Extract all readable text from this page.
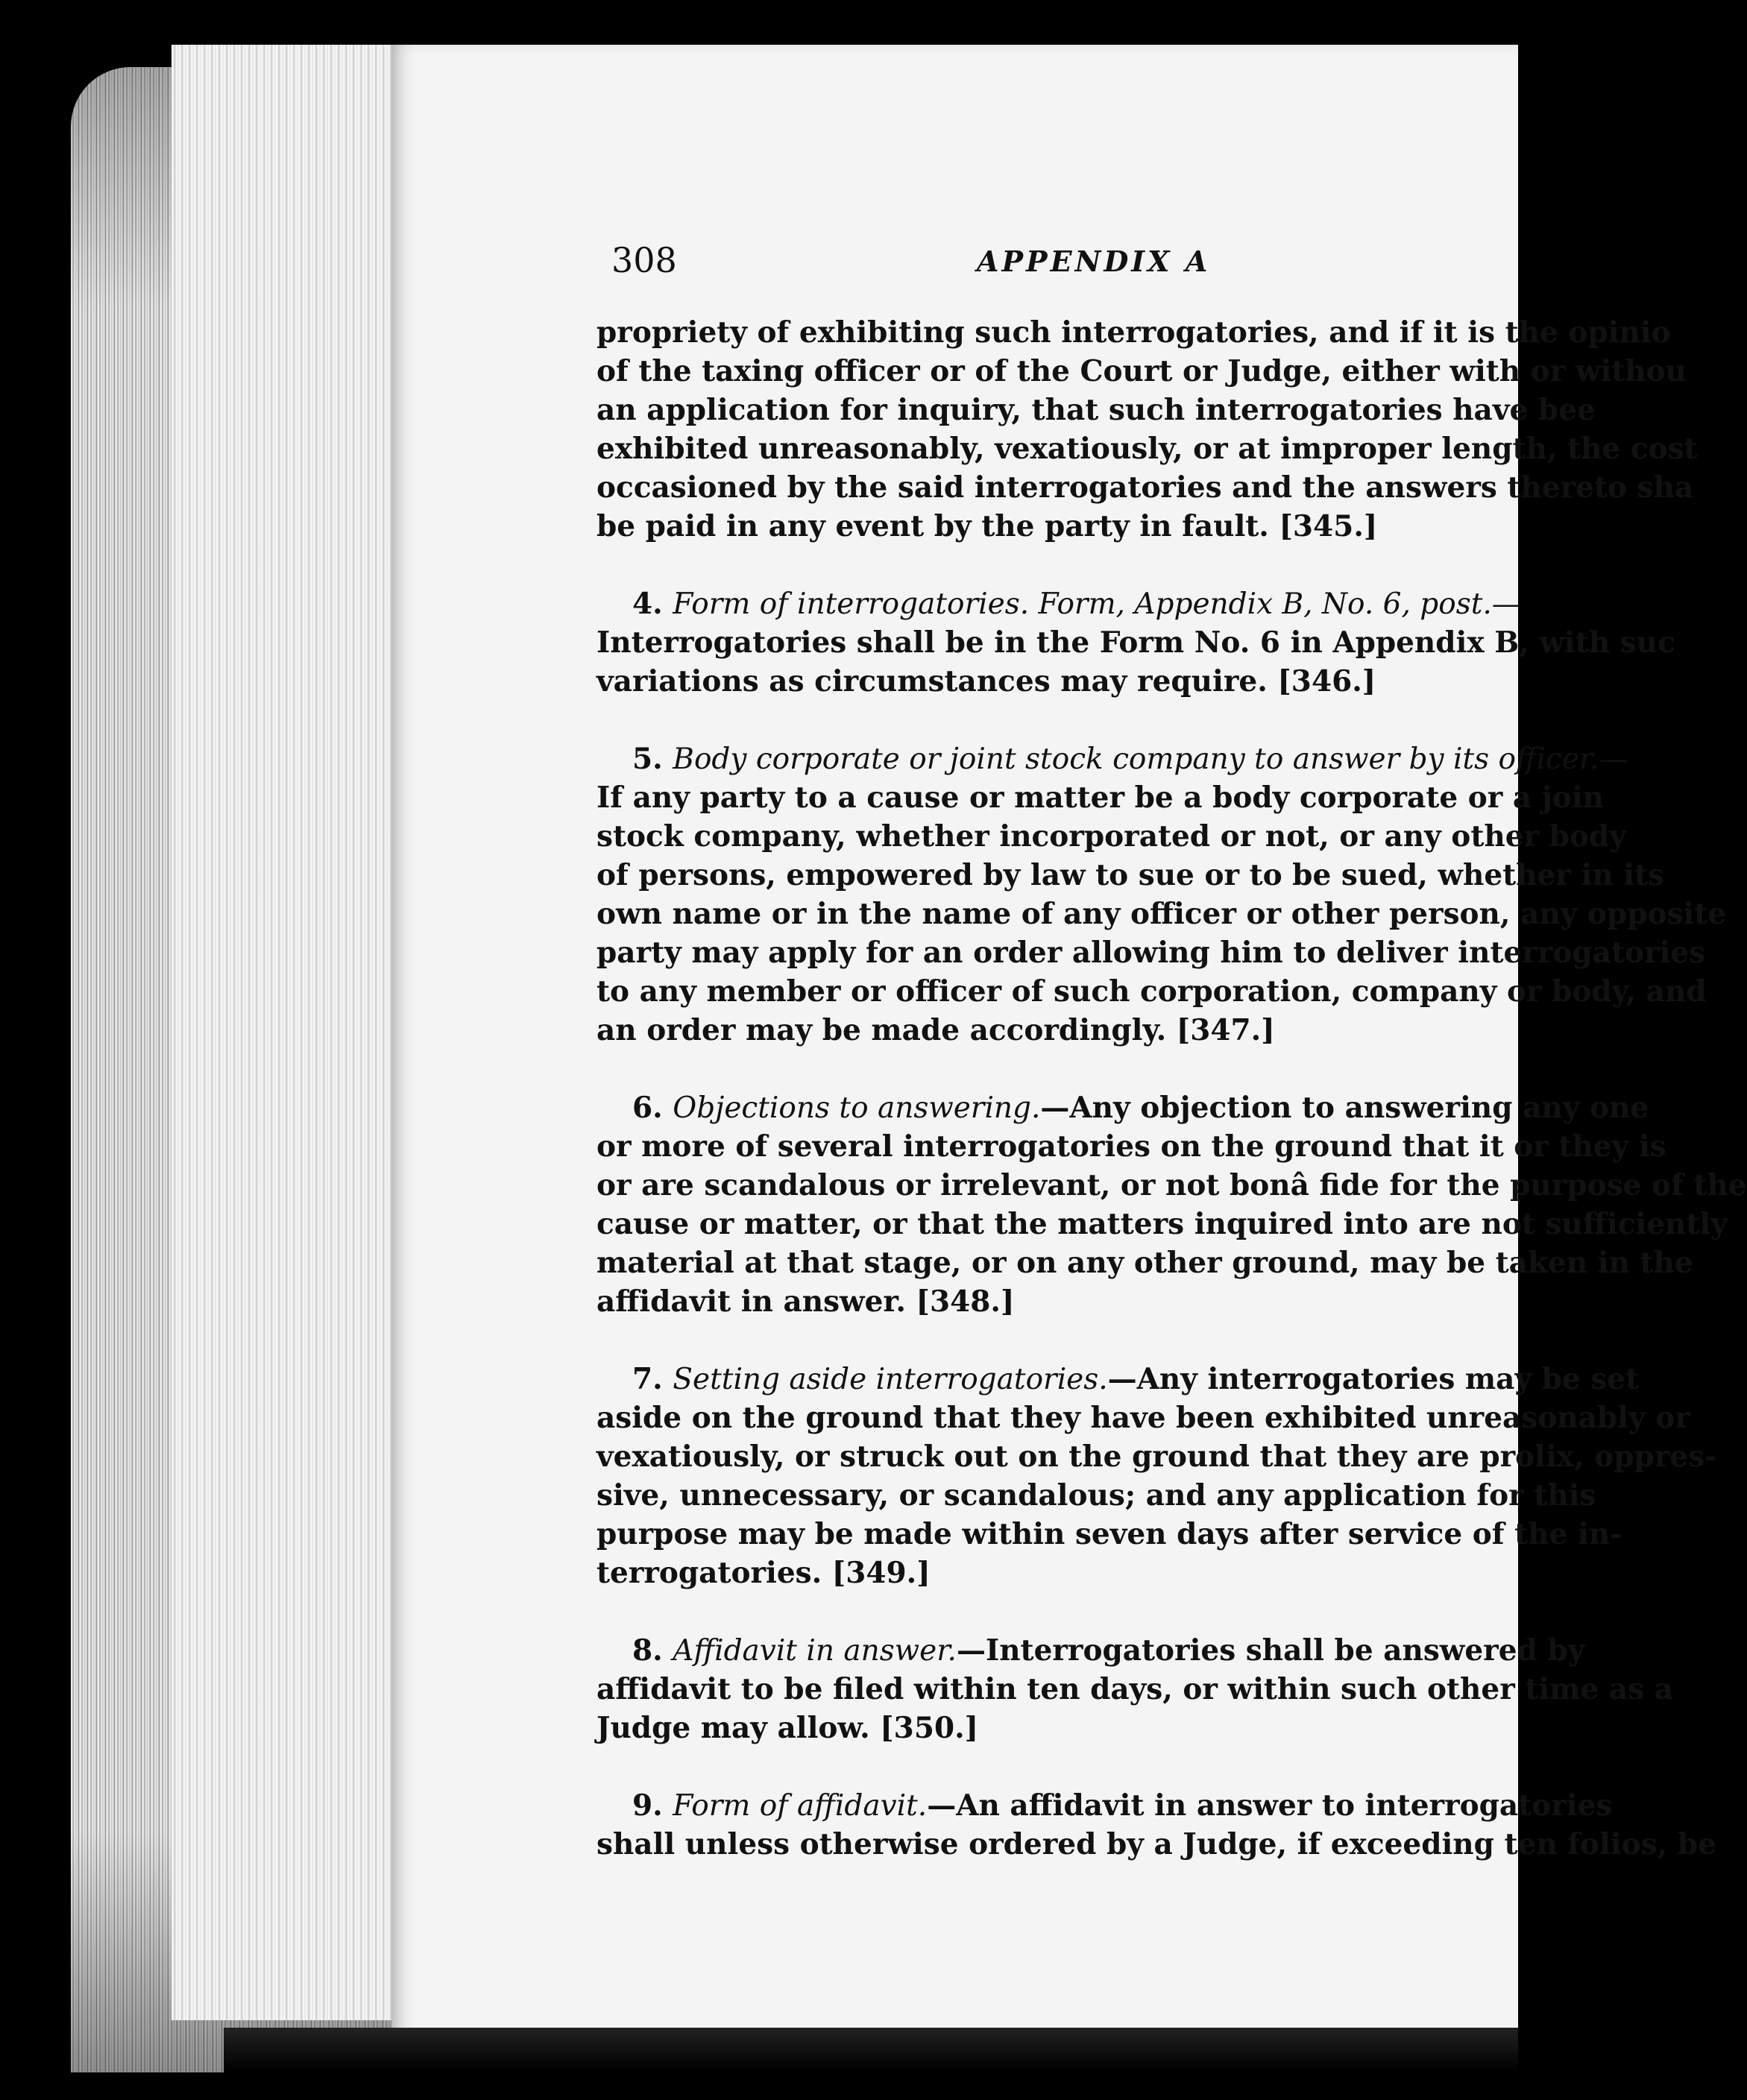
308	APPENDIX A
propriety of exhibiting such interrogatories, and if it is the opinio
of the taxing officer or of the Court or Judge, either with or withou
an application for inquiry, that such interrogatories have bee
exhibited unreasonably, vexatiously, or at improper length, the cost
occasioned by the said interrogatories and the answers thereto sha
be paid in any event by the party in fault. [345.]
4. Form of interrogatories. Form, Appendix B, No. 6, post.—
Interrogatories shall be in the Form No. 6 in Appendix B, with suc
variations as circumstances may require. [346.]
5. Body corporate or joint stock company to answer by its officer.—
If any party to a cause or matter be a body corporate or a join
stock company, whether incorporated or not, or any other body
of persons, empowered by law to sue or to be sued, whether in its
own name or in the name of any officer or other person, any opposite
party may apply for an order allowing him to deliver interrogatories
to any member or officer of such corporation, company or body, and
an order may be made accordingly. [347.]
6. Objections to answering.—Any objection to answering any one
or more of several interrogatories on the ground that it or they is
or are scandalous or irrelevant, or not bonâ fide for the purpose of the
cause or matter, or that the matters inquired into are not sufficiently
material at that stage, or on any other ground, may be taken in the
affidavit in answer. [348.]
7. Setting aside interrogatories.—Any interrogatories may be set
aside on the ground that they have been exhibited unreasonably or
vexatiously, or struck out on the ground that they are prolix, oppres-
sive, unnecessary, or scandalous; and any application for this
purpose may be made within seven days after service of the in-
terrogatories. [349.]
8. Affidavit in answer.—Interrogatories shall be answered by
affidavit to be filed within ten days, or within such other time as a
Judge may allow. [350.]
9. Form of affidavit.—An affidavit in answer to interrogatories
shall unless otherwise ordered by a Judge, if exceeding ten folios, be
